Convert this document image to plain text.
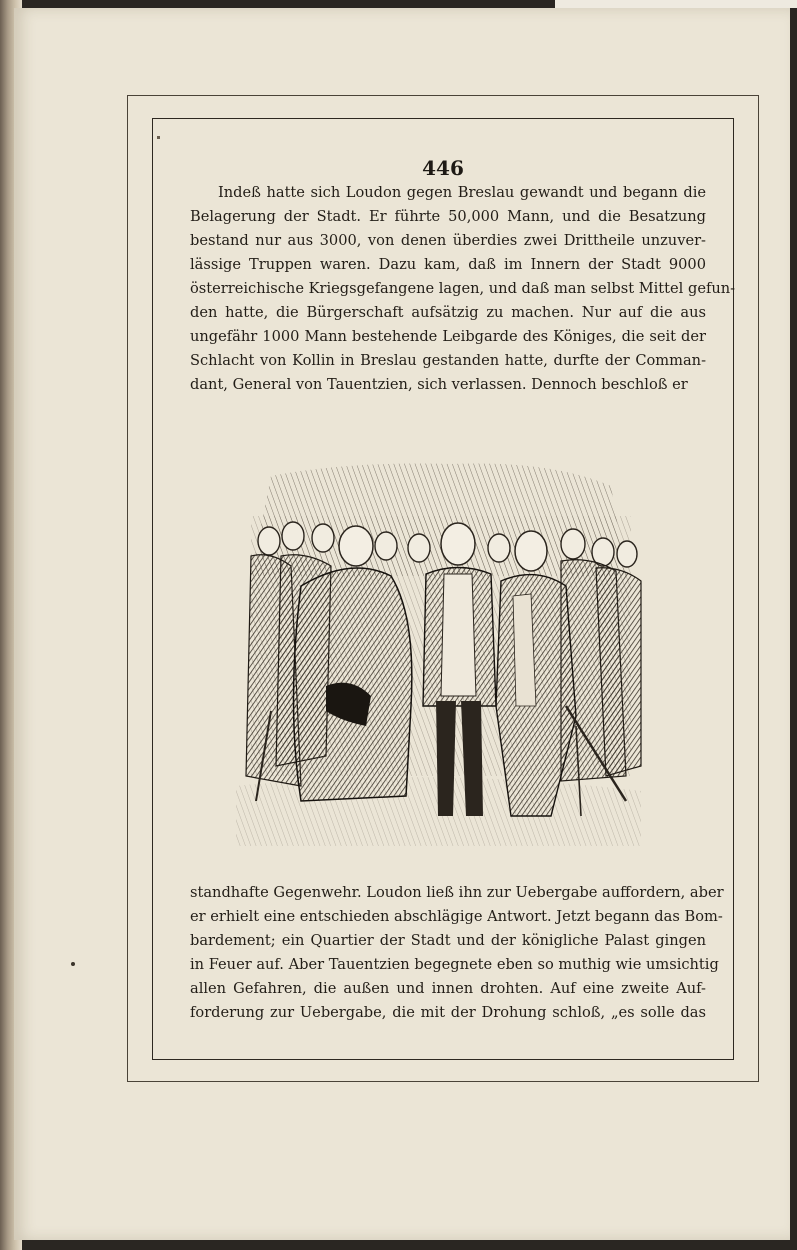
446
Indeß hatte sich Loudon gegen Breslau gewandt und begann die
Belagerung der Stadt. Er führte 50,000 Mann, und die Besatzung
bestand nur aus 3000, von denen überdies zwei Drittheile unzuver-
lässige Truppen waren. Dazu kam, daß im Innern der Stadt 9000
österreichische Kriegsgefangene lagen, und daß man selbst Mittel gefun-
den hatte, die Bürgerschaft aufsätzig zu machen. Nur auf die aus
ungefähr 1000 Mann bestehende Leibgarde des Königes, die seit der
Schlacht von Kollin in Breslau gestanden hatte, durfte der Comman-
dant, General von Tauentzien, sich verlassen. Dennoch beschloß er
standhafte Gegenwehr. Loudon ließ ihn zur Uebergabe auffordern, aber
er erhielt eine entschieden abschlägige Antwort. Jetzt begann das Bom-
bardement; ein Quartier der Stadt und der königliche Palast gingen
in Feuer auf. Aber Tauentzien begegnete eben so muthig wie umsichtig
allen Gefahren, die außen und innen drohten. Auf eine zweite Auf-
forderung zur Uebergabe, die mit der Drohung schloß, „es solle das
